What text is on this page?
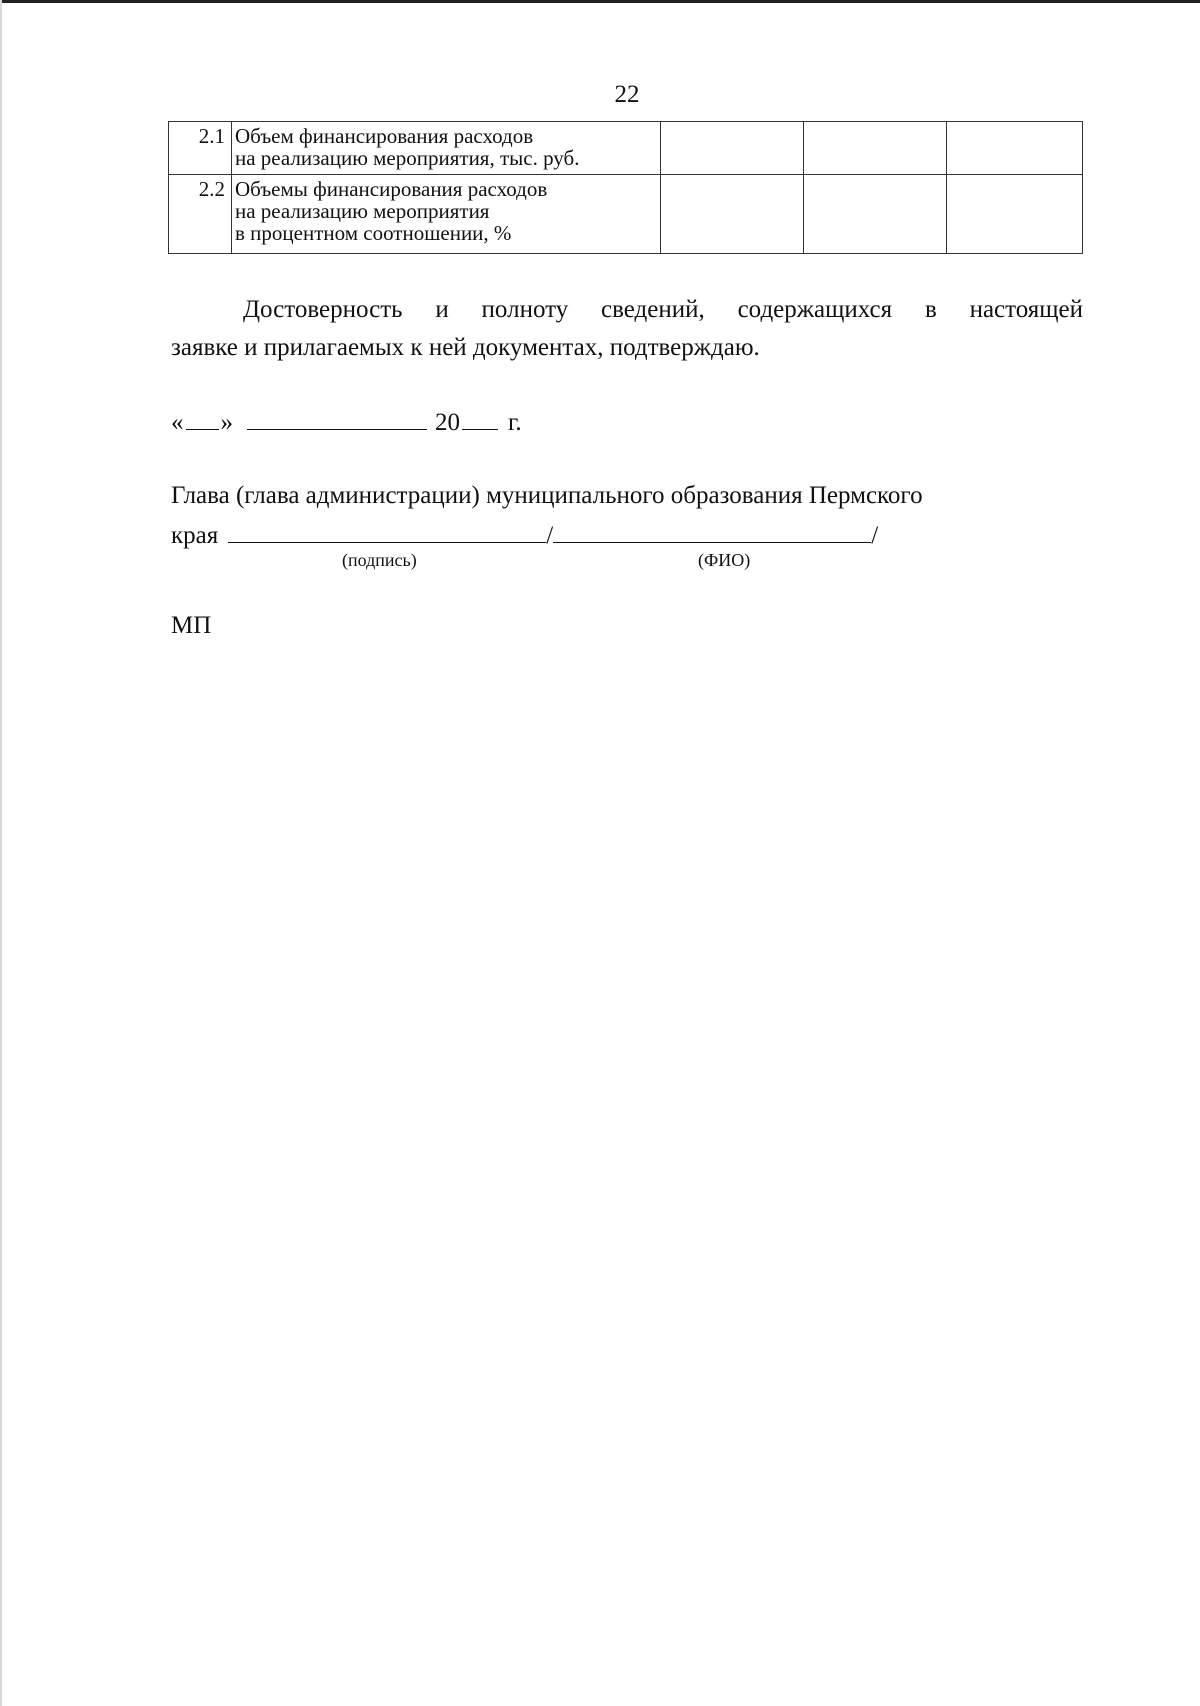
22
2.1	Объем финансирования расходов
на реализацию мероприятия, тыс. руб.			

2.2	Объемы финансирования расходов
на реализацию мероприятия
в процентном соотношении, %			

Достоверность и полноту сведений, содержащихся в настоящей
заявке и прилагаемых к ней документах, подтверждаю.
« »	20 г.
Глава (глава администрации) муниципального образования Пермского
края	/	/
(подпись)	(ФИО)
МП
